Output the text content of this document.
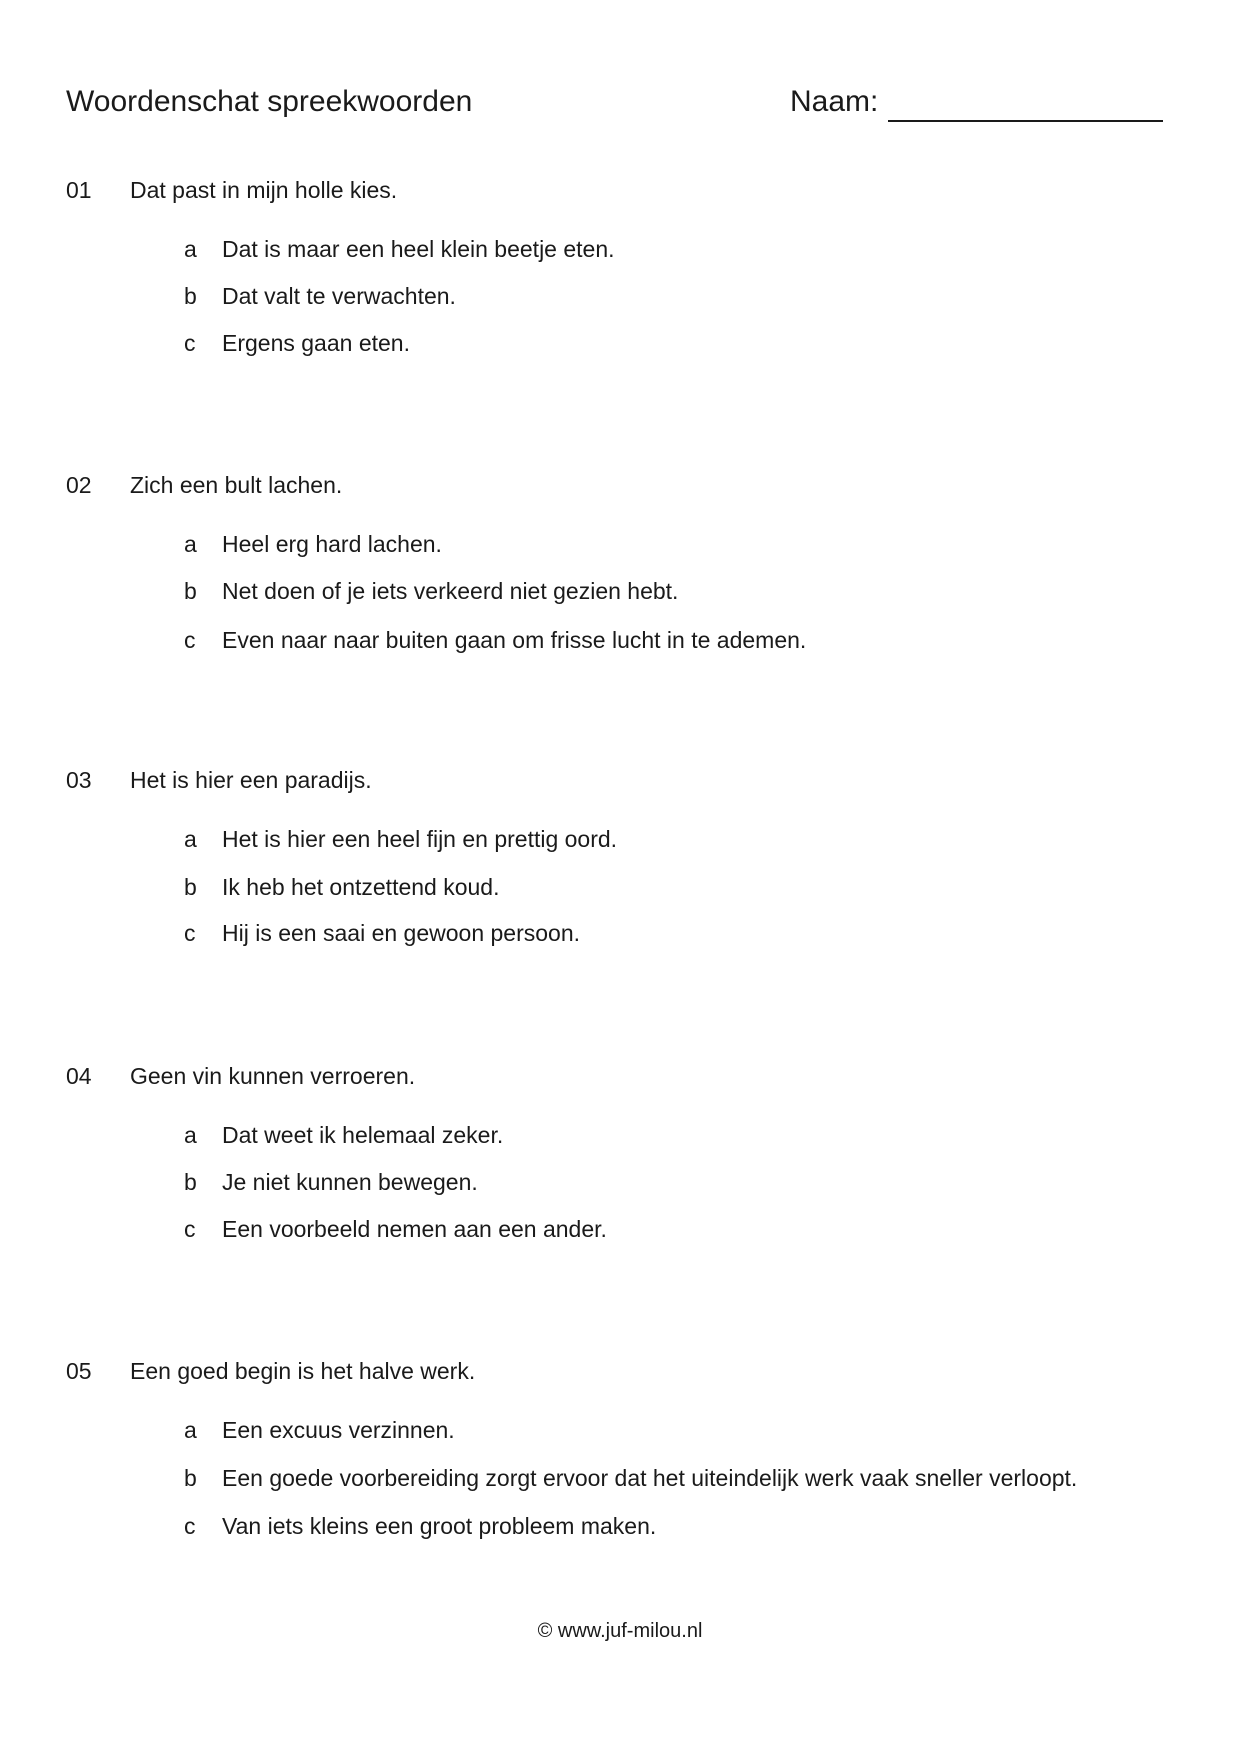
Woordenschat spreekwoorden	Naam:
01 Dat past in mijn holle kies.
a Dat is maar een heel klein beetje eten.
b Dat valt te verwachten.
c Ergens gaan eten.
02 Zich een bult lachen.
a Heel erg hard lachen.
b Net doen of je iets verkeerd niet gezien hebt.
c Even naar naar buiten gaan om frisse lucht in te ademen.
03 Het is hier een paradijs.
a Het is hier een heel fijn en prettig oord.
b Ik heb het ontzettend koud.
c Hij is een saai en gewoon persoon.
04 Geen vin kunnen verroeren.
a Dat weet ik helemaal zeker.
b Je niet kunnen bewegen.
c Een voorbeeld nemen aan een ander.
05 Een goed begin is het halve werk.
a Een excuus verzinnen.
b Een goede voorbereiding zorgt ervoor dat het uiteindelijk werk vaak sneller verloopt.
c Van iets kleins een groot probleem maken.
© www.juf-milou.nl
